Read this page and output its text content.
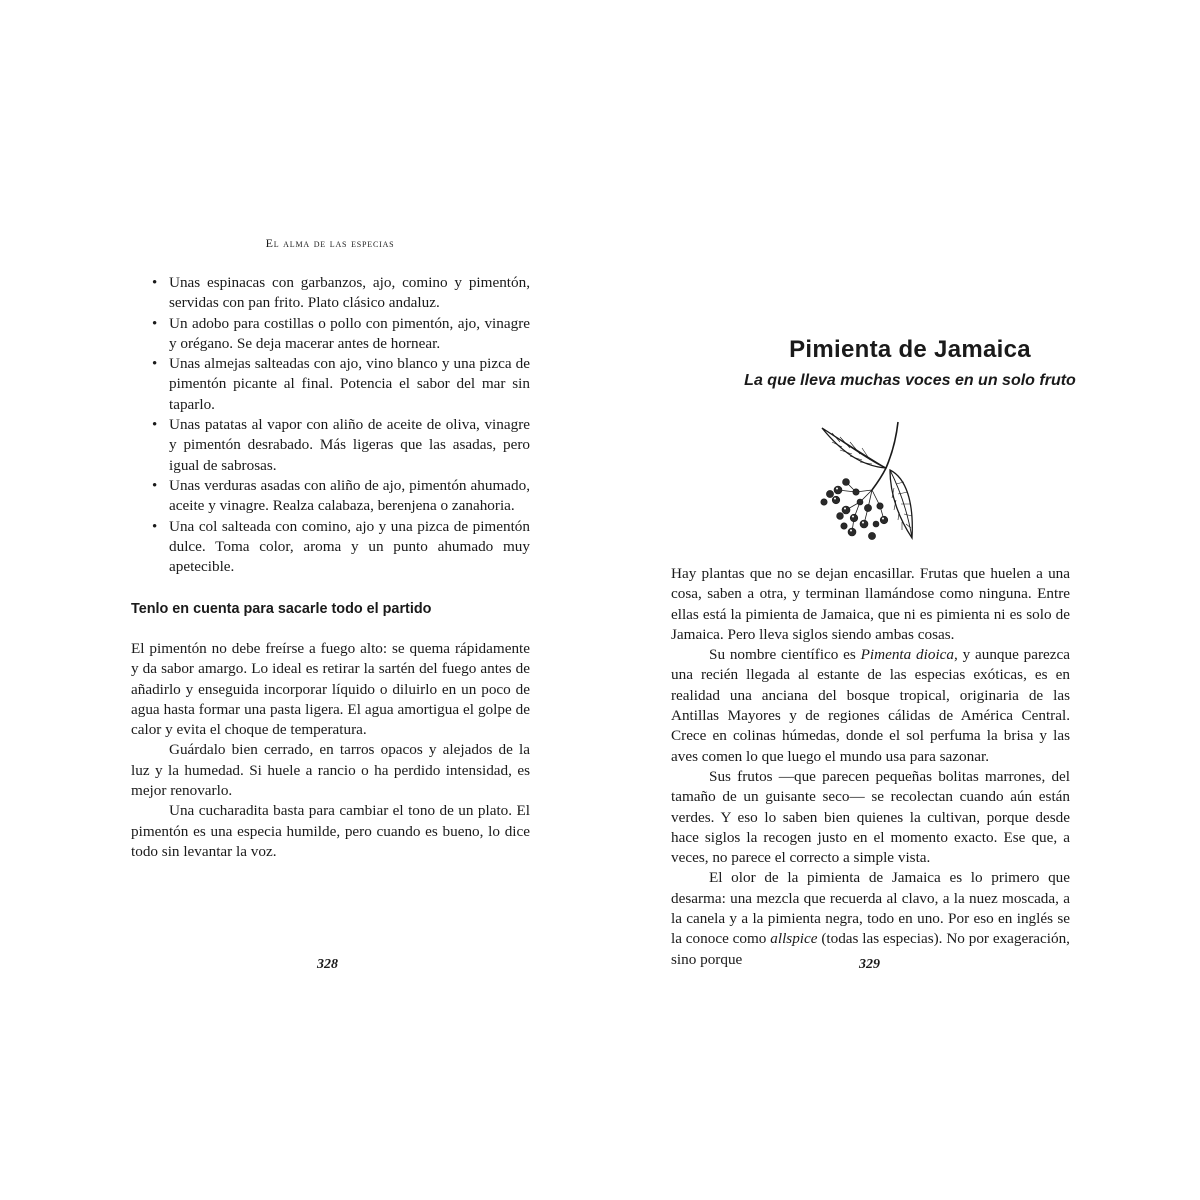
El alma de las especias
• Unas espinacas con garbanzos, ajo, comino y pimentón, servidas con pan frito. Plato clásico andaluz.
• Un adobo para costillas o pollo con pimentón, ajo, vinagre y orégano. Se deja macerar antes de hornear.
• Unas almejas salteadas con ajo, vino blanco y una pizca de pimentón picante al final. Potencia el sabor del mar sin taparlo.
• Unas patatas al vapor con aliño de aceite de oliva, vinagre y pimentón desrabado. Más ligeras que las asadas, pero igual de sabrosas.
• Unas verduras asadas con aliño de ajo, pimentón ahumado, aceite y vinagre. Realza calabaza, berenjena o zanahoria.
• Una col salteada con comino, ajo y una pizca de pimentón dulce. Toma color, aroma y un punto ahumado muy apetecible.
Tenlo en cuenta para sacarle todo el partido

El pimentón no debe freírse a fuego alto: se quema rápidamente y da sabor amargo. Lo ideal es retirar la sartén del fuego antes de añadirlo y enseguida incorporar líquido o diluirlo en un poco de agua hasta formar una pasta ligera. El agua amortigua el golpe de calor y evita el choque de temperatura.

Guárdalo bien cerrado, en tarros opacos y alejados de la luz y la humedad. Si huele a rancio o ha perdido intensidad, es mejor renovarlo.

Una cucharadita basta para cambiar el tono de un plato. El pimentón es una especia humilde, pero cuando es bueno, lo dice todo sin levantar la voz.

328
Pimienta de Jamaica
La que lleva muchas voces en un solo fruto

Hay plantas que no se dejan encasillar. Frutas que huelen a una cosa, saben a otra, y terminan llamándose como ninguna. Entre ellas está la pimienta de Jamaica, que ni es pimienta ni es solo de Jamaica. Pero lleva siglos siendo ambas cosas.

Su nombre científico es Pimenta dioica, y aunque parezca una recién llegada al estante de las especias exóticas, es en realidad una anciana del bosque tropical, originaria de las Antillas Mayores y de regiones cálidas de América Central. Crece en colinas húmedas, donde el sol perfuma la brisa y las aves comen lo que luego el mundo usa para sazonar.

Sus frutos —que parecen pequeñas bolitas marrones, del tamaño de un guisante seco— se recolectan cuando aún están verdes. Y eso lo saben bien quienes la cultivan, porque desde hace siglos la recogen justo en el momento exacto. Ese que, a veces, no parece el correcto a simple vista.

El olor de la pimienta de Jamaica es lo primero que desarma: una mezcla que recuerda al clavo, a la nuez moscada, a la canela y a la pimienta negra, todo en uno. Por eso en inglés se la conoce como allspice (todas las especias). No por exageración, sino porque	329
